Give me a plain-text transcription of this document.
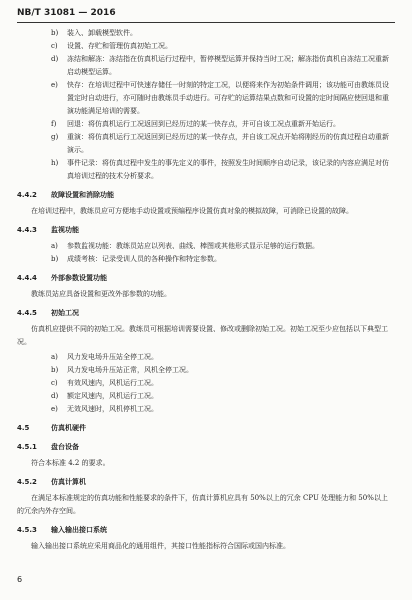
NB/T 31081 — 2016
b)	装入、卸载模型软件。
c)	设置、存贮和管理仿真初始工况。
d)	冻结和解冻：冻结指在仿真机运行过程中，暂停模型运算并保持当时工况；解冻指仿真机自冻结工况重新启动模型运算。
e)	快存：在培训过程中可快速存储任一时刻的特定工况，以便将来作为初始条件调用；该功能可由教练员设置定时自动进行，亦可随时由教练员手动进行。可存贮的运算结果点数和可设置的定时间隔应使回退和重演功能满足培训的需要。
f)	回退：将仿真机运行工况返回到已经历过的某一快存点，并可自该工况点重新开始运行。
g)	重演：将仿真机运行工况返回到已经历过的某一快存点，并自该工况点开始将刚经历的仿真过程自动重新演示。
h)	事件记录：将仿真过程中发生的事先定义的事件，按照发生时间顺序自动记录，该记录的内容应满足对仿真培训过程的技术分析要求。
4.4.2	故障设置和消除功能
在培训过程中，教练员应可方便地手动设置或预编程序设置仿真对象的模拟故障，可消除已设置的故障。
4.4.3	监视功能
a)	参数监视功能：教练员站应以列表、曲线、棒图或其他形式显示足够的运行数据。
b)	成绩考核：记录受训人员的各种操作和特定参数。
4.4.4	外部参数设置功能
教练员站应具备设置和更改外部参数的功能。
4.4.5	初始工况
仿真机应提供不同的初始工况。教练员可根据培训需要设置、修改或删除初始工况。初始工况至少应包括以下典型工况。
a)	风力发电场升压站全停工况。
b)	风力发电场升压站正常，风机全停工况。
c)	有效风速内，风机运行工况。
d)	额定风速内，风机运行工况。
e)	无效风速时，风机停机工况。
4.5	仿真机硬件
4.5.1	盘台设备
符合本标准 4.2 的要求。
4.5.2	仿真计算机
在满足本标准规定的仿真功能和性能要求的条件下，仿真计算机应具有 50%以上的冗余 CPU 处理能力和 50%以上的冗余内外存空间。
4.5.3	输入输出接口系统
输入输出接口系统应采用商品化的通用组件，其接口性能指标符合国际或国内标准。
6
